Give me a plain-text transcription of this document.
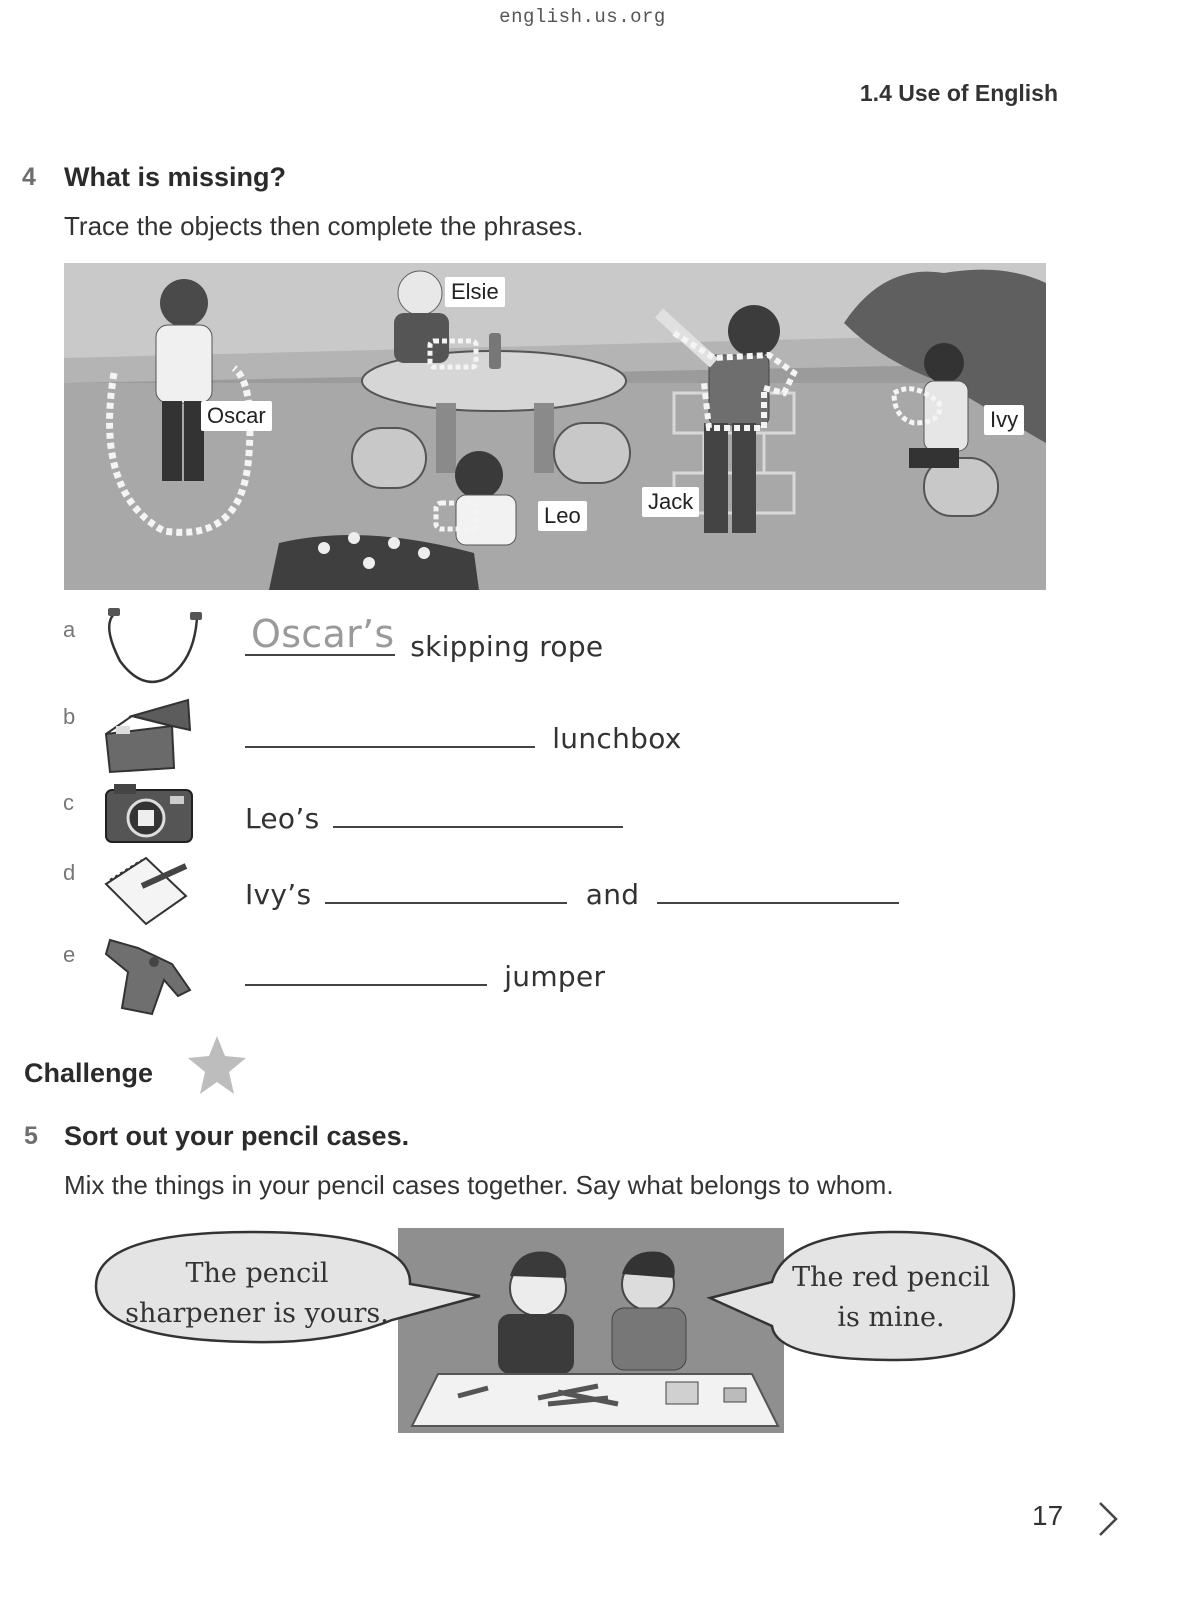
english.us.org
1.4 Use of English
4 What is missing?
Trace the objects then complete the phrases.
Elsie
Oscar	Ivy
Jack
Leo
a	Oscar’s skipping rope
b
lunchbox
c	Leo’s
d
Ivy’s	and
e
jumper
Challenge
5 Sort out your pencil cases.
Mix the things in your pencil cases together. Say what belongs to whom.
The pencil
sharpener is yours.
The red pencil
is mine.
17
